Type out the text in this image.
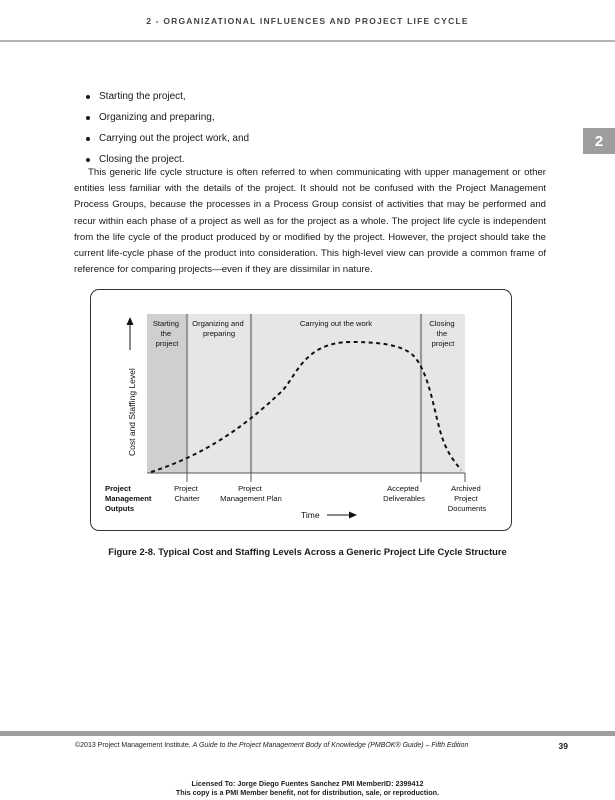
2 - ORGANIZATIONAL INFLUENCES AND PROJECT LIFE CYCLE
2
Starting the project,
Organizing and preparing,
Carrying out the project work, and
Closing the project.

This generic life cycle structure is often referred to when communicating with upper management or other entities less familiar with the details of the project. It should not be confused with the Project Management Process Groups, because the processes in a Process Group consist of activities that may be performed and recur within each phase of a project as well as for the project as a whole. The project life cycle is independent from the life cycle of the product produced by or modified by the project. However, the project should take the current life-cycle phase of the product into consideration. This high-level view can provide a common frame of reference for comparing projects—even if they are dissimilar in nature.

Cost and Staffing Level
Starting the project
Organizing and preparing
Carrying out the work	Closing the project
Project Management Outputs
Project Charter
Project Management Plan
Accepted Deliverables
Archived Project Documents
Time
Figure 2-8. Typical Cost and Staffing Levels Across a Generic Project Life Cycle Structure
©2013 Project Management Institute. A Guide to the Project Management Body of Knowledge (PMBOK® Guide) – Fifth Edition	39
Licensed To: Jorge Diego Fuentes Sanchez PMI MemberID: 2399412
This copy is a PMI Member benefit, not for distribution, sale, or reproduction.
